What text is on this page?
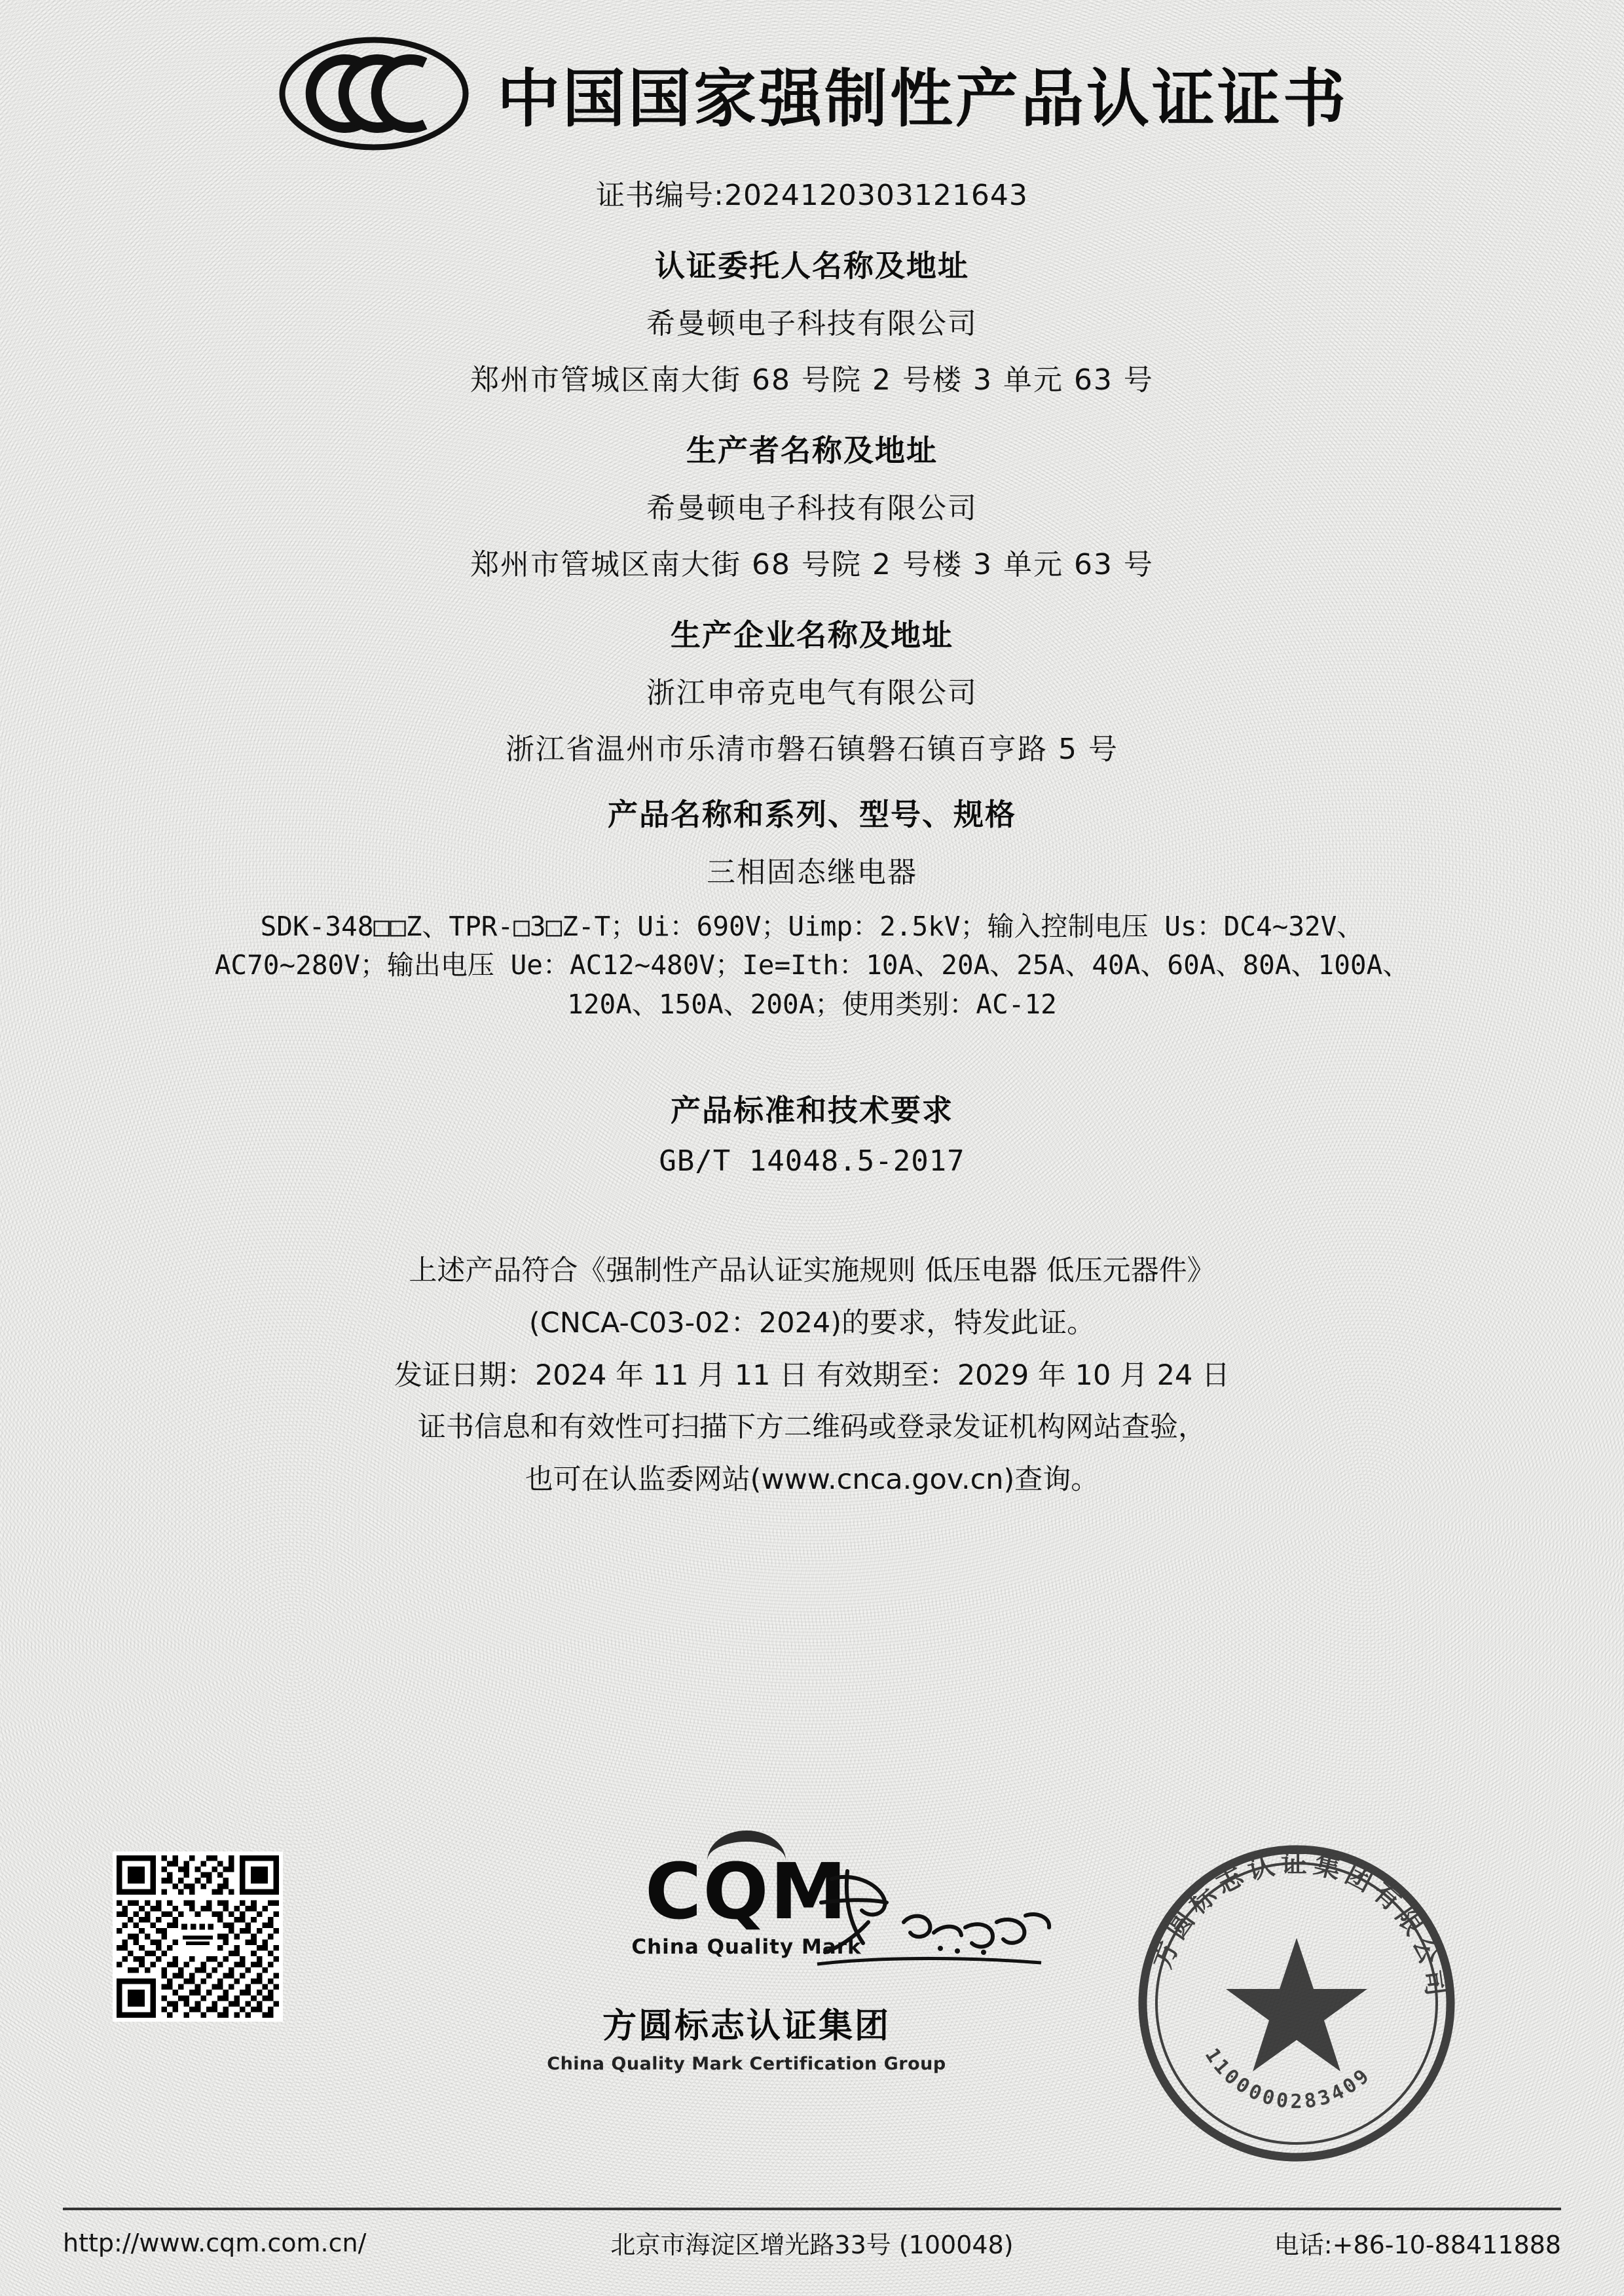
中国国家强制性产品认证证书
证书编号:2024120303121643
认证委托人名称及地址
希曼顿电子科技有限公司
郑州市管城区南大街 68 号院 2 号楼 3 单元 63 号
生产者名称及地址
希曼顿电子科技有限公司
郑州市管城区南大街 68 号院 2 号楼 3 单元 63 号
生产企业名称及地址
浙江申帝克电气有限公司
浙江省温州市乐清市磐石镇磐石镇百亨路 5 号
产品名称和系列、型号、规格
三相固态继电器
SDK-348□□Z、TPR-□3□Z-T；Ui：690V；Uimp：2.5kV；输入控制电压 Us：DC4~32V、
AC70~280V；输出电压 Ue：AC12~480V；Ie=Ith：10A、20A、25A、40A、60A、80A、100A、
120A、150A、200A；使用类别：AC-12
产品标准和技术要求
GB/T 14048.5-2017
上述产品符合《强制性产品认证实施规则 低压电器 低压元器件》
(CNCA-C03-02：2024)的要求，特发此证。
发证日期：2024 年 11 月 11 日 有效期至：2029 年 10 月 24 日
证书信息和有效性可扫描下方二维码或登录发证机构网站查验，
也可在认监委网站(www.cnca.gov.cn)查询。
CQM
China Quality Mark
方圆标志认证集团
China Quality Mark Certification Group
方圆标志认证集团有限公司
1100000283409
http://www.cqm.com.cn/	北京市海淀区增光路33号 (100048)	电话:+86-10-88411888
